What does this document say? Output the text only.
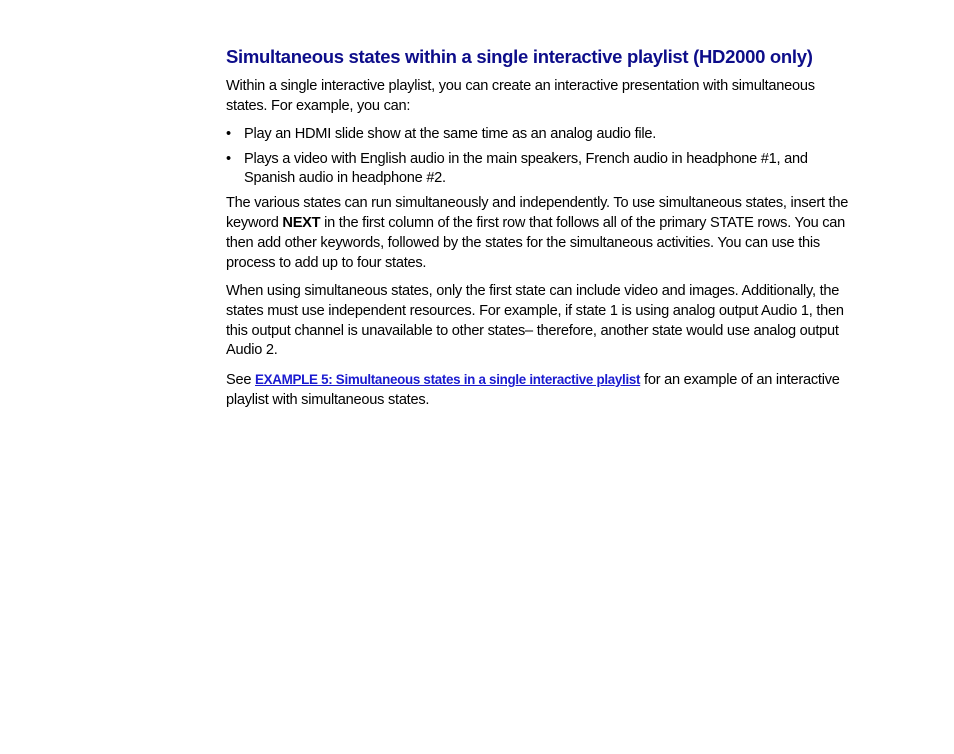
Simultaneous states within a single interactive playlist (HD2000 only)

Within a single interactive playlist, you can create an interactive presentation with simultaneous states. For example, you can:

• Play an HDMI slide show at the same time as an analog audio file.
• Plays a video with English audio in the main speakers, French audio in headphone #1, and Spanish audio in headphone #2.

The various states can run simultaneously and independently. To use simultaneous states, insert the keyword NEXT in the first column of the first row that follows all of the primary STATE rows. You can then add other keywords, followed by the states for the simultaneous activities. You can use this process to add up to four states.

When using simultaneous states, only the first state can include video and images. Additionally, the states must use independent resources. For example, if state 1 is using analog output Audio 1, then this output channel is unavailable to other states– therefore, another state would use analog output Audio 2.

See EXAMPLE 5: Simultaneous states in a single interactive playlist for an example of an interactive playlist with simultaneous states.
